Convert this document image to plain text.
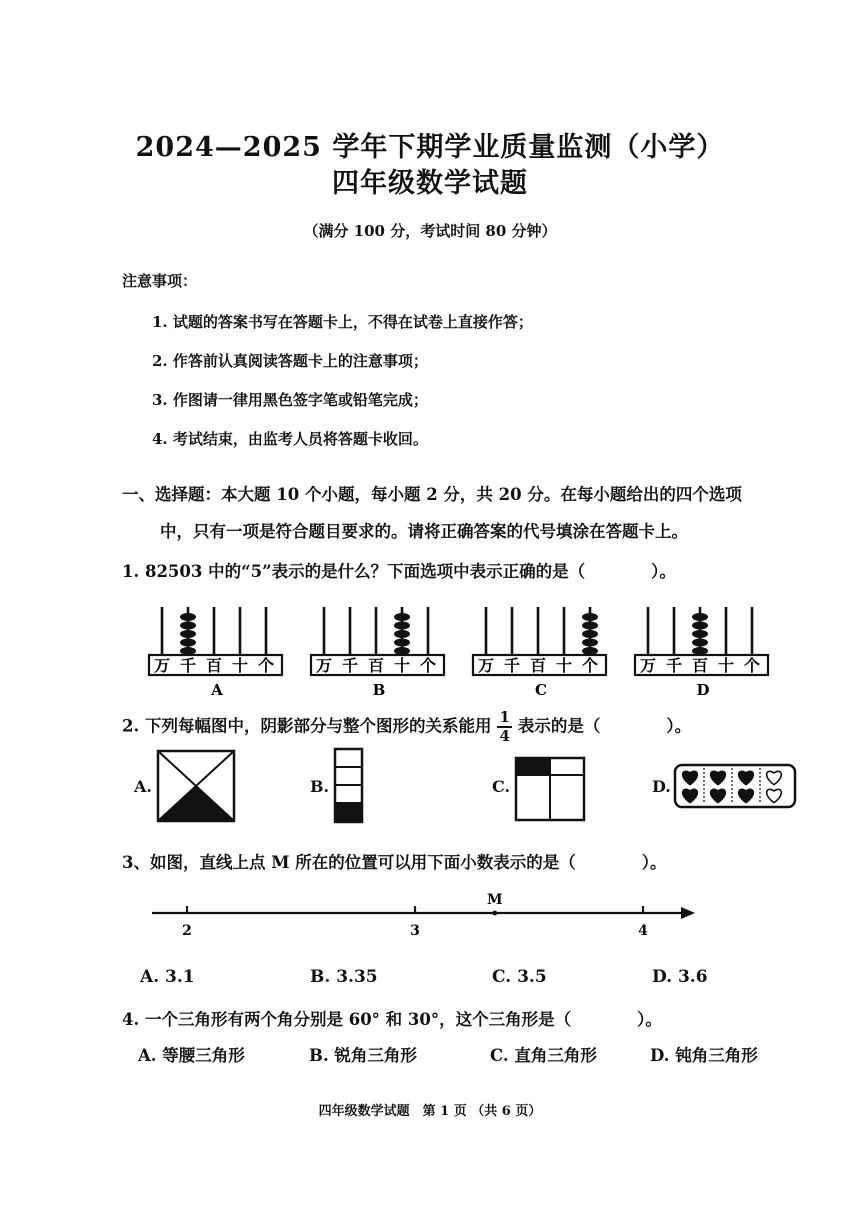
2024—2025 学年下期学业质量监测（小学）
四年级数学试题
（满分 100 分，考试时间 80 分钟）
注意事项：
1. 试题的答案书写在答题卡上，不得在试卷上直接作答；
2. 作答前认真阅读答题卡上的注意事项；
3. 作图请一律用黑色签字笔或铅笔完成；
4. 考试结束，由监考人员将答题卡收回。
一、选择题：本大题 10 个小题，每小题 2 分，共 20 分。在每小题给出的四个选项
中，只有一项是符合题目要求的。请将正确答案的代号填涂在答题卡上。
1. 82503 中的“5”表示的是什么？下面选项中表示正确的是（　　　　）。
万 千 百 十 个
A
万 千 百 十 个
B
万 千 百 十 个
C
万 千 百 十 个
D
2. 下列每幅图中，阴影部分与整个图形的关系能用 $\frac{1}{4}$ 表示的是（　　　　）。
A.	B.	C.	D.
3、如图，直线上点 M 所在的位置可以用下面小数表示的是（　　　　）。
2	3	4
M
A. 3.1	B. 3.35	C. 3.5	D. 3.6
4. 一个三角形有两个角分别是 60° 和 30°，这个三角形是（　　　　）。
A. 等腰三角形	B. 锐角三角形	C. 直角三角形	D. 钝角三角形
四年级数学试题　第 1 页 （共 6 页）
